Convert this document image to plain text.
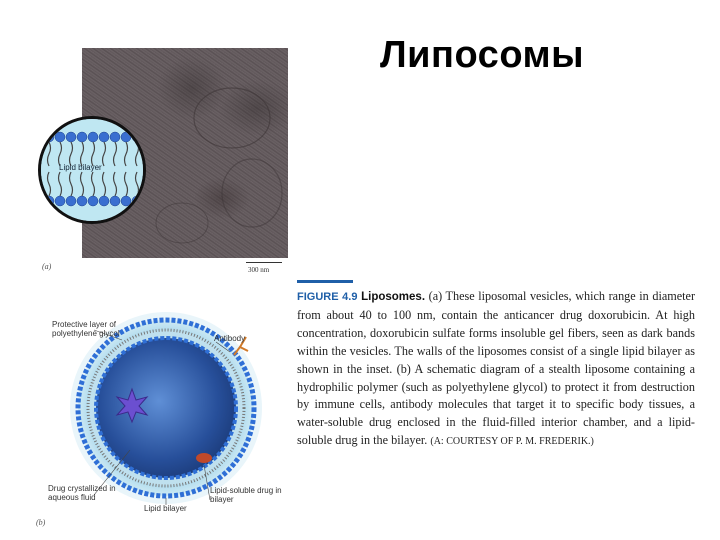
Липосомы
Lipid bilayer
(a)	300 nm
Protective layer of polyethylene glycol
Antibody
Drug crystallized in aqueous fluid
Lipid bilayer
Lipid-soluble drug in bilayer
(b)
FIGURE 4.9 Liposomes. (a) These liposomal vesicles, which range in diameter from about 40 to 100 nm, contain the anticancer drug doxorubicin. At high concentration, doxorubicin sulfate forms insoluble gel fibers, seen as dark bands within the vesicles. The walls of the liposomes consist of a single lipid bilayer as shown in the inset. (b) A schematic diagram of a stealth liposome containing a hydrophilic polymer (such as polyethylene glycol) to protect it from destruction by immune cells, antibody molecules that target it to specific body tissues, a water-soluble drug enclosed in the fluid-filled interior chamber, and a lipid-soluble drug in the bilayer. (A: COURTESY OF P. M. FREDERIK.)
